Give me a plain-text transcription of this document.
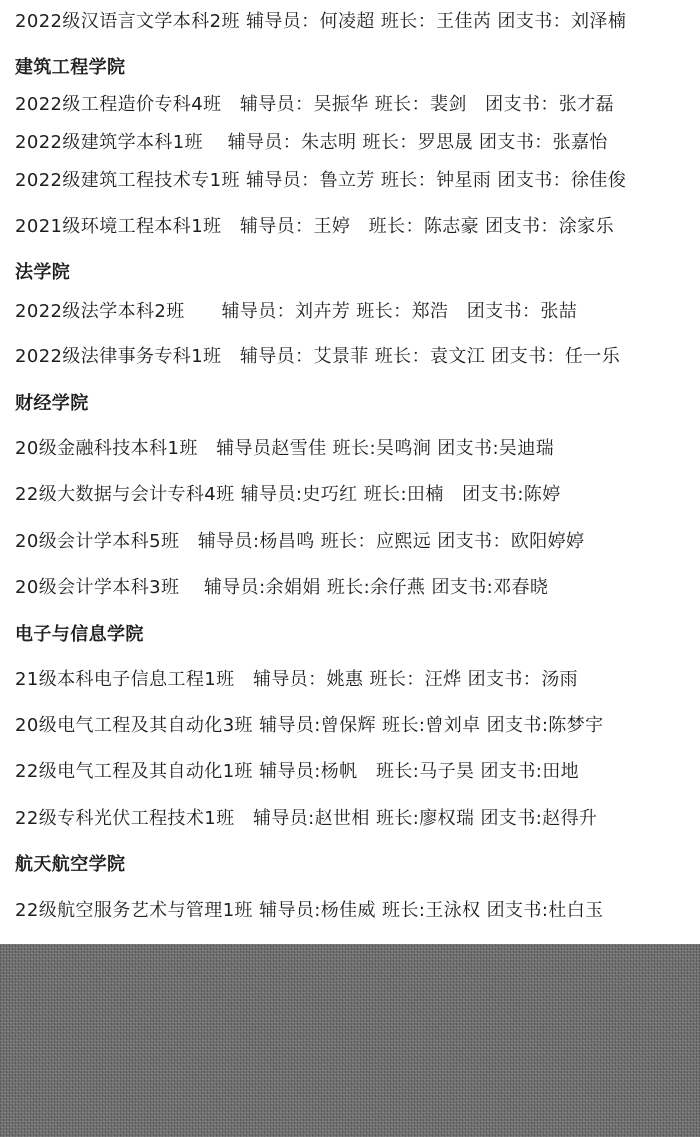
2022级汉语言文学本科2班 辅导员：何凌超 班长：王佳芮 团支书：刘泽楠
建筑工程学院
2022级工程造价专科4班　辅导员：吴振华 班长：裴剑　团支书：张才磊
2022级建筑学本科1班　 辅导员：朱志明 班长：罗思晟 团支书：张嘉怡
2022级建筑工程技术专1班 辅导员：鲁立芳 班长：钟星雨 团支书：徐佳俊
2021级环境工程本科1班　辅导员：王婷　班长：陈志豪 团支书：涂家乐
法学院
2022级法学本科2班　　辅导员：刘卉芳 班长：郑浩　团支书：张喆
2022级法律事务专科1班　辅导员：艾景菲 班长：袁文江 团支书：任一乐
财经学院
20级金融科技本科1班　辅导员赵雪佳 班长:吴鸣涧 团支书:吴迪瑞
22级大数据与会计专科4班 辅导员:史巧红 班长:田楠　团支书:陈婷
20级会计学本科5班　辅导员:杨昌鸣 班长：应熙远 团支书：欧阳婷婷
20级会计学本科3班　 辅导员:余娟娟 班长:余仔燕 团支书:邓春晓
电子与信息学院
21级本科电子信息工程1班　辅导员：姚惠 班长：汪烨 团支书：汤雨
20级电气工程及其自动化3班 辅导员:曾保辉 班长:曾刘卓 团支书:陈梦宇
22级电气工程及其自动化1班 辅导员:杨帆　班长:马子昊 团支书:田地
22级专科光伏工程技术1班　辅导员:赵世相 班长:廖权瑞 团支书:赵得升
航天航空学院
22级航空服务艺术与管理1班 辅导员:杨佳威 班长:王泳权 团支书:杜白玉
